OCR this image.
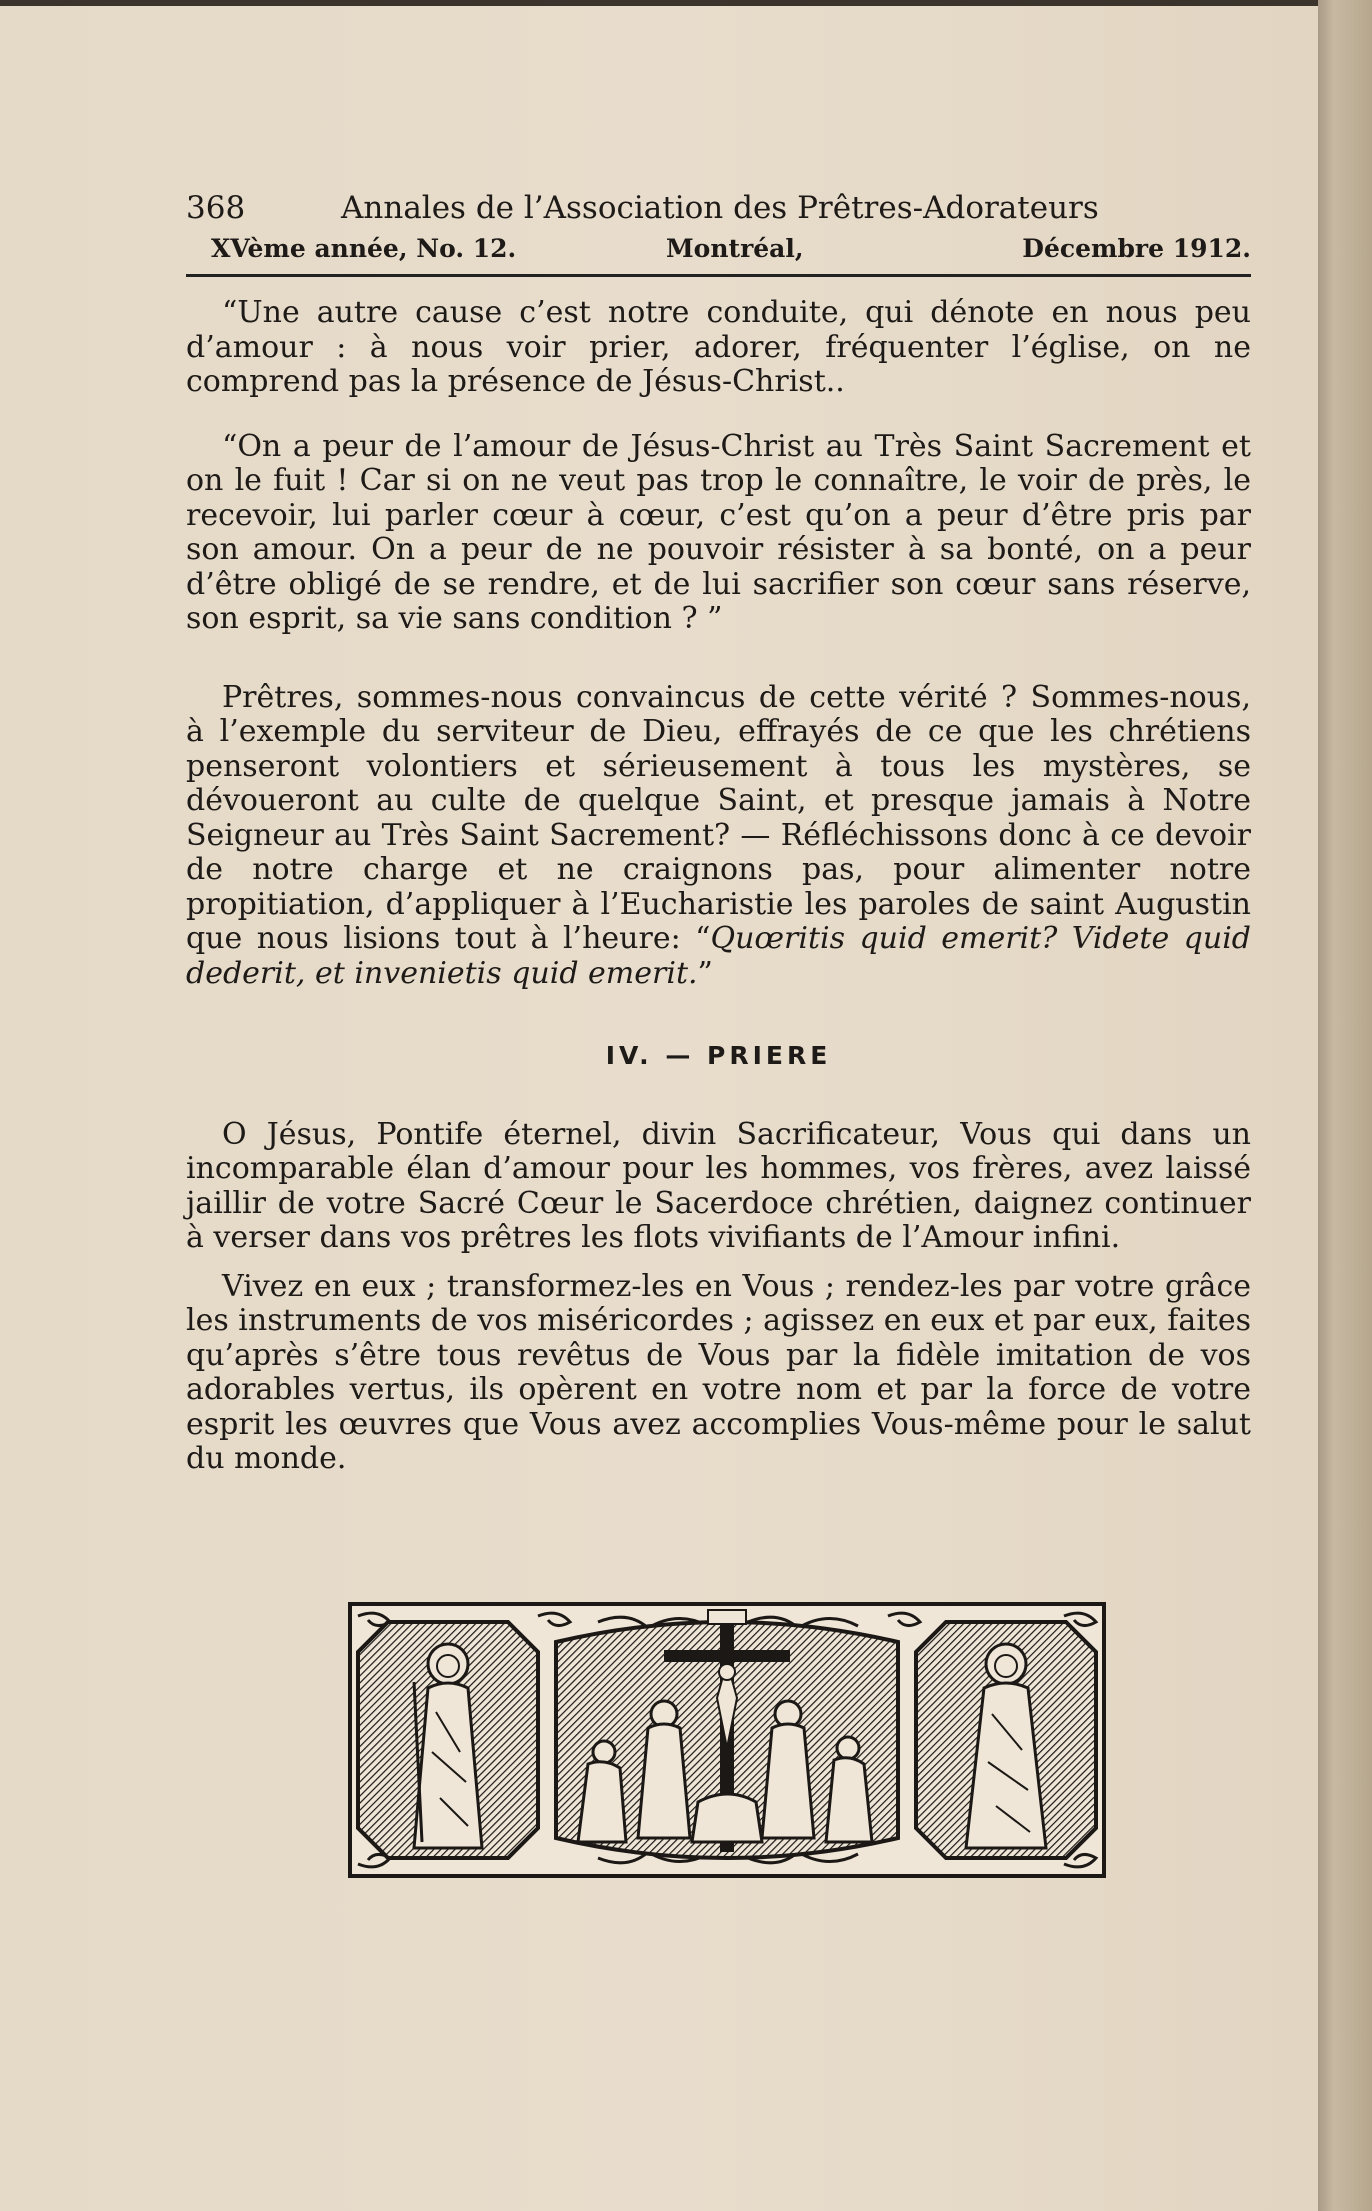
368	Annales de l’Association des Prêtres-Adorateurs
XVème année, No. 12.	Montréal,	Décembre 1912.

“Une autre cause c’est notre conduite, qui dénote en nous peu d’amour : à nous voir prier, adorer, fréquenter l’église, on ne comprend pas la présence de Jésus-Christ..

“On a peur de l’amour de Jésus-Christ au Très Saint Sacrement et on le fuit ! Car si on ne veut pas trop le connaître, le voir de près, le recevoir, lui parler cœur à cœur, c’est qu’on a peur d’être pris par son amour. On a peur de ne pouvoir résister à sa bonté, on a peur d’être obligé de se rendre, et de lui sacrifier son cœur sans réserve, son esprit, sa vie sans condition ? ”

Prêtres, sommes-nous convaincus de cette vérité ? Sommes-nous, à l’exemple du serviteur de Dieu, effrayés de ce que les chrétiens penseront volontiers et sérieusement à tous les mystères, se dévoueront au culte de quelque Saint, et presque jamais à Notre Seigneur au Très Saint Sacrement? — Réfléchissons donc à ce devoir de notre charge et ne craignons pas, pour alimenter notre propitiation, d’appliquer à l’Eucharistie les paroles de saint Augustin que nous lisions tout à l’heure: “Quœritis quid emerit? Videte quid dederit, et invenietis quid emerit.”

IV. — PRIERE

O Jésus, Pontife éternel, divin Sacrificateur, Vous qui dans un incomparable élan d’amour pour les hommes, vos frères, avez laissé jaillir de votre Sacré Cœur le Sacerdoce chrétien, daignez continuer à verser dans vos prêtres les flots vivifiants de l’Amour infini.

Vivez en eux ; transformez-les en Vous ; rendez-les par votre grâce les instruments de vos miséricordes ; agissez en eux et par eux, faites qu’après s’être tous revêtus de Vous par la fidèle imitation de vos adorables vertus, ils opèrent en votre nom et par la force de votre esprit les œuvres que Vous avez accomplies Vous-même pour le salut du monde.
